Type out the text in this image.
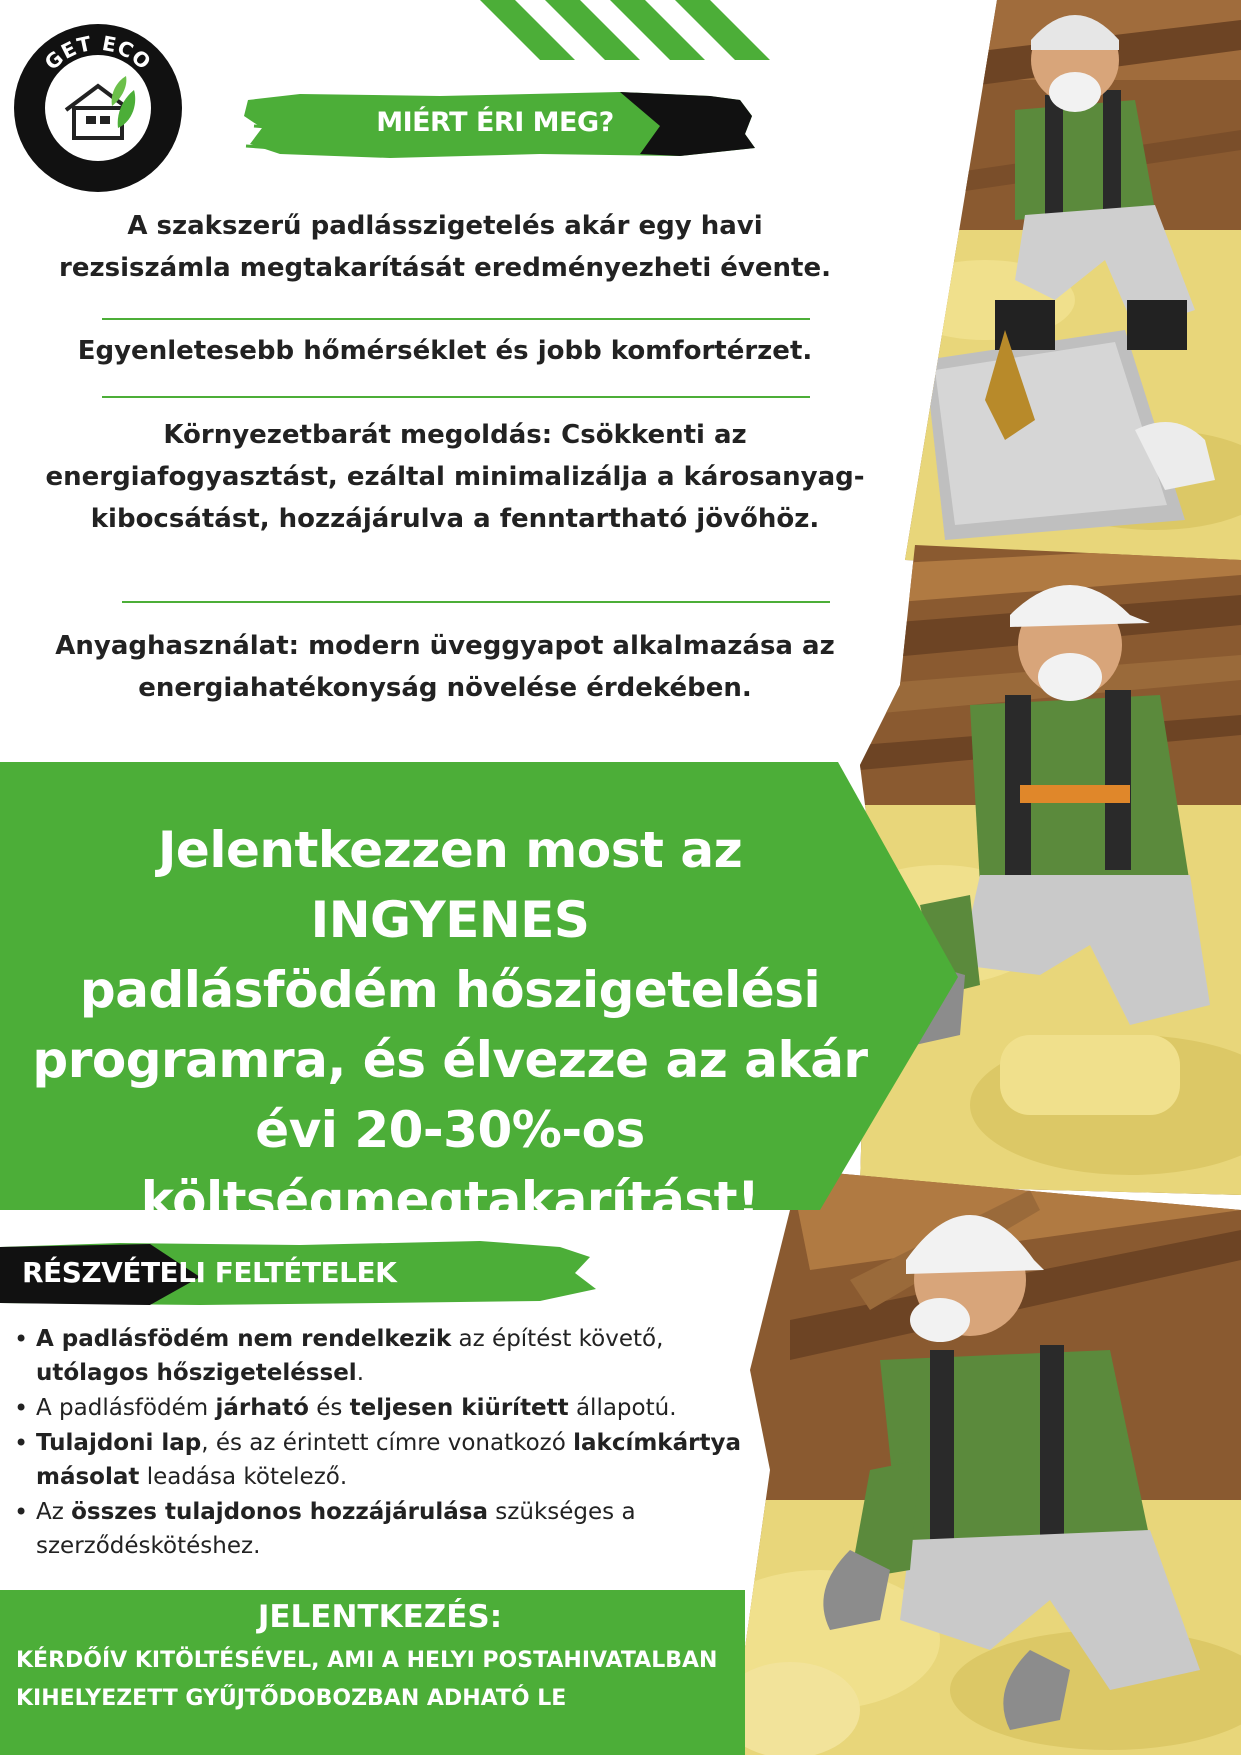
GET ECO
ENERGY
MIÉRT ÉRI MEG?
A szakszerű padlásszigetelés akár egy havi rezsiszámla megtakarítását eredményezheti évente.
Egyenletesebb hőmérséklet és jobb komfortérzet.
Környezetbarát megoldás: Csökkenti az energiafogyasztást, ezáltal minimalizálja a károsanyag-kibocsátást, hozzájárulva a fenntartható jövőhöz.
Anyaghasználat: modern üveggyapot alkalmazása az energiahatékonyság növelése érdekében.
Jelentkezzen most az INGYENES
padlásfödém hőszigetelési
programra, és élvezze az akár
évi 20-30%-os
költségmegtakarítást!
RÉSZVÉTELI FELTÉTELEK
• A padlásfödém nem rendelkezik az építést követő, utólagos hőszigeteléssel.
• A padlásfödém járható és teljesen kiürített állapotú.
• Tulajdoni lap, és az érintett címre vonatkozó lakcímkártya másolat leadása kötelező.
• Az összes tulajdonos hozzájárulása szükséges a szerződéskötéshez.
JELENTKEZÉS:
KÉRDŐÍV KITÖLTÉSÉVEL, AMI A HELYI POSTAHIVATALBAN
KIHELYEZETT GYŰJTŐDOBOZBAN ADHATÓ LE
